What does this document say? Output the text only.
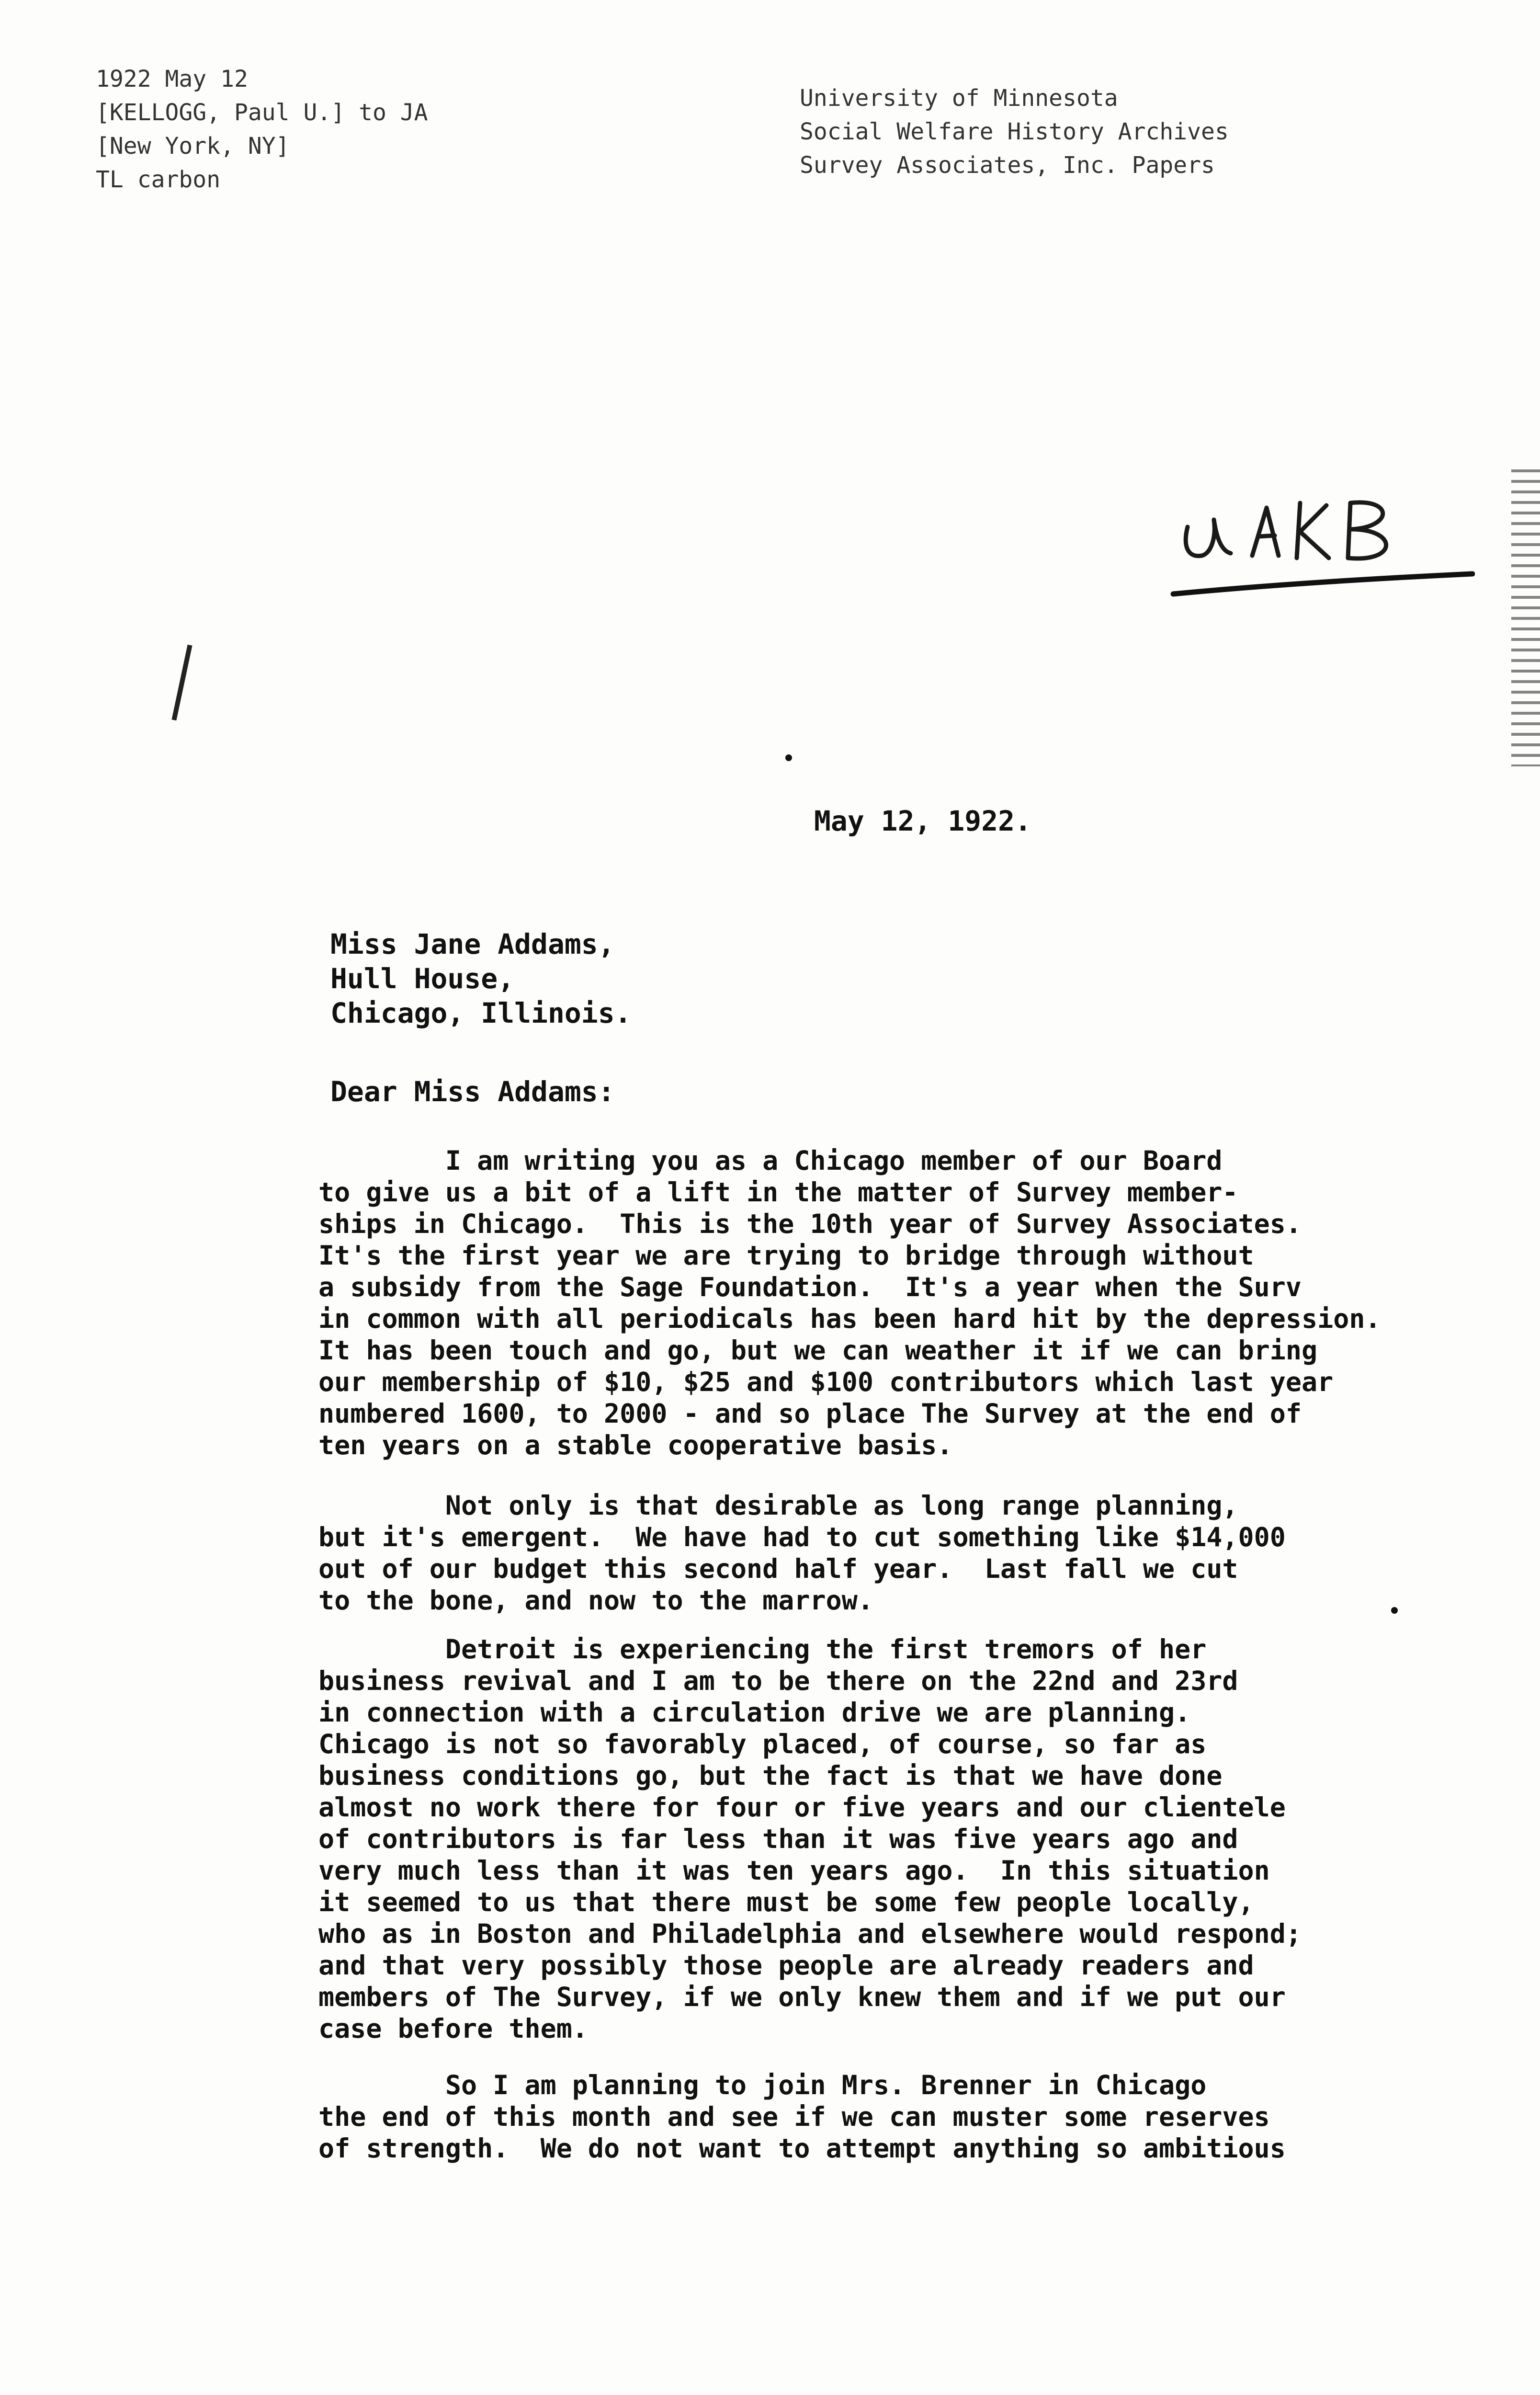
1922 May 12
[KELLOGG, Paul U.] to JA
[New York, NY]
TL carbon
University of Minnesota
Social Welfare History Archives
Survey Associates, Inc. Papers
May 12, 1922.
Miss Jane Addams,
Hull House,
Chicago, Illinois.
Dear Miss Addams:
I am writing you as a Chicago member of our Board
to give us a bit of a lift in the matter of Survey member-
ships in Chicago.  This is the 10th year of Survey Associates.
It's the first year we are trying to bridge through without
a subsidy from the Sage Foundation.  It's a year when the Surv
in common with all periodicals has been hard hit by the depression.
It has been touch and go, but we can weather it if we can bring
our membership of $10, $25 and $100 contributors which last year
numbered 1600, to 2000 - and so place The Survey at the end of
ten years on a stable cooperative basis.
Not only is that desirable as long range planning,
but it's emergent.  We have had to cut something like $14,000
out of our budget this second half year.  Last fall we cut
to the bone, and now to the marrow.
Detroit is experiencing the first tremors of her
business revival and I am to be there on the 22nd and 23rd
in connection with a circulation drive we are planning.
Chicago is not so favorably placed, of course, so far as
business conditions go, but the fact is that we have done
almost no work there for four or five years and our clientele
of contributors is far less than it was five years ago and
very much less than it was ten years ago.  In this situation
it seemed to us that there must be some few people locally,
who as in Boston and Philadelphia and elsewhere would respond;
and that very possibly those people are already readers and
members of The Survey, if we only knew them and if we put our
case before them.
So I am planning to join Mrs. Brenner in Chicago
the end of this month and see if we can muster some reserves
of strength.  We do not want to attempt anything so ambitious
